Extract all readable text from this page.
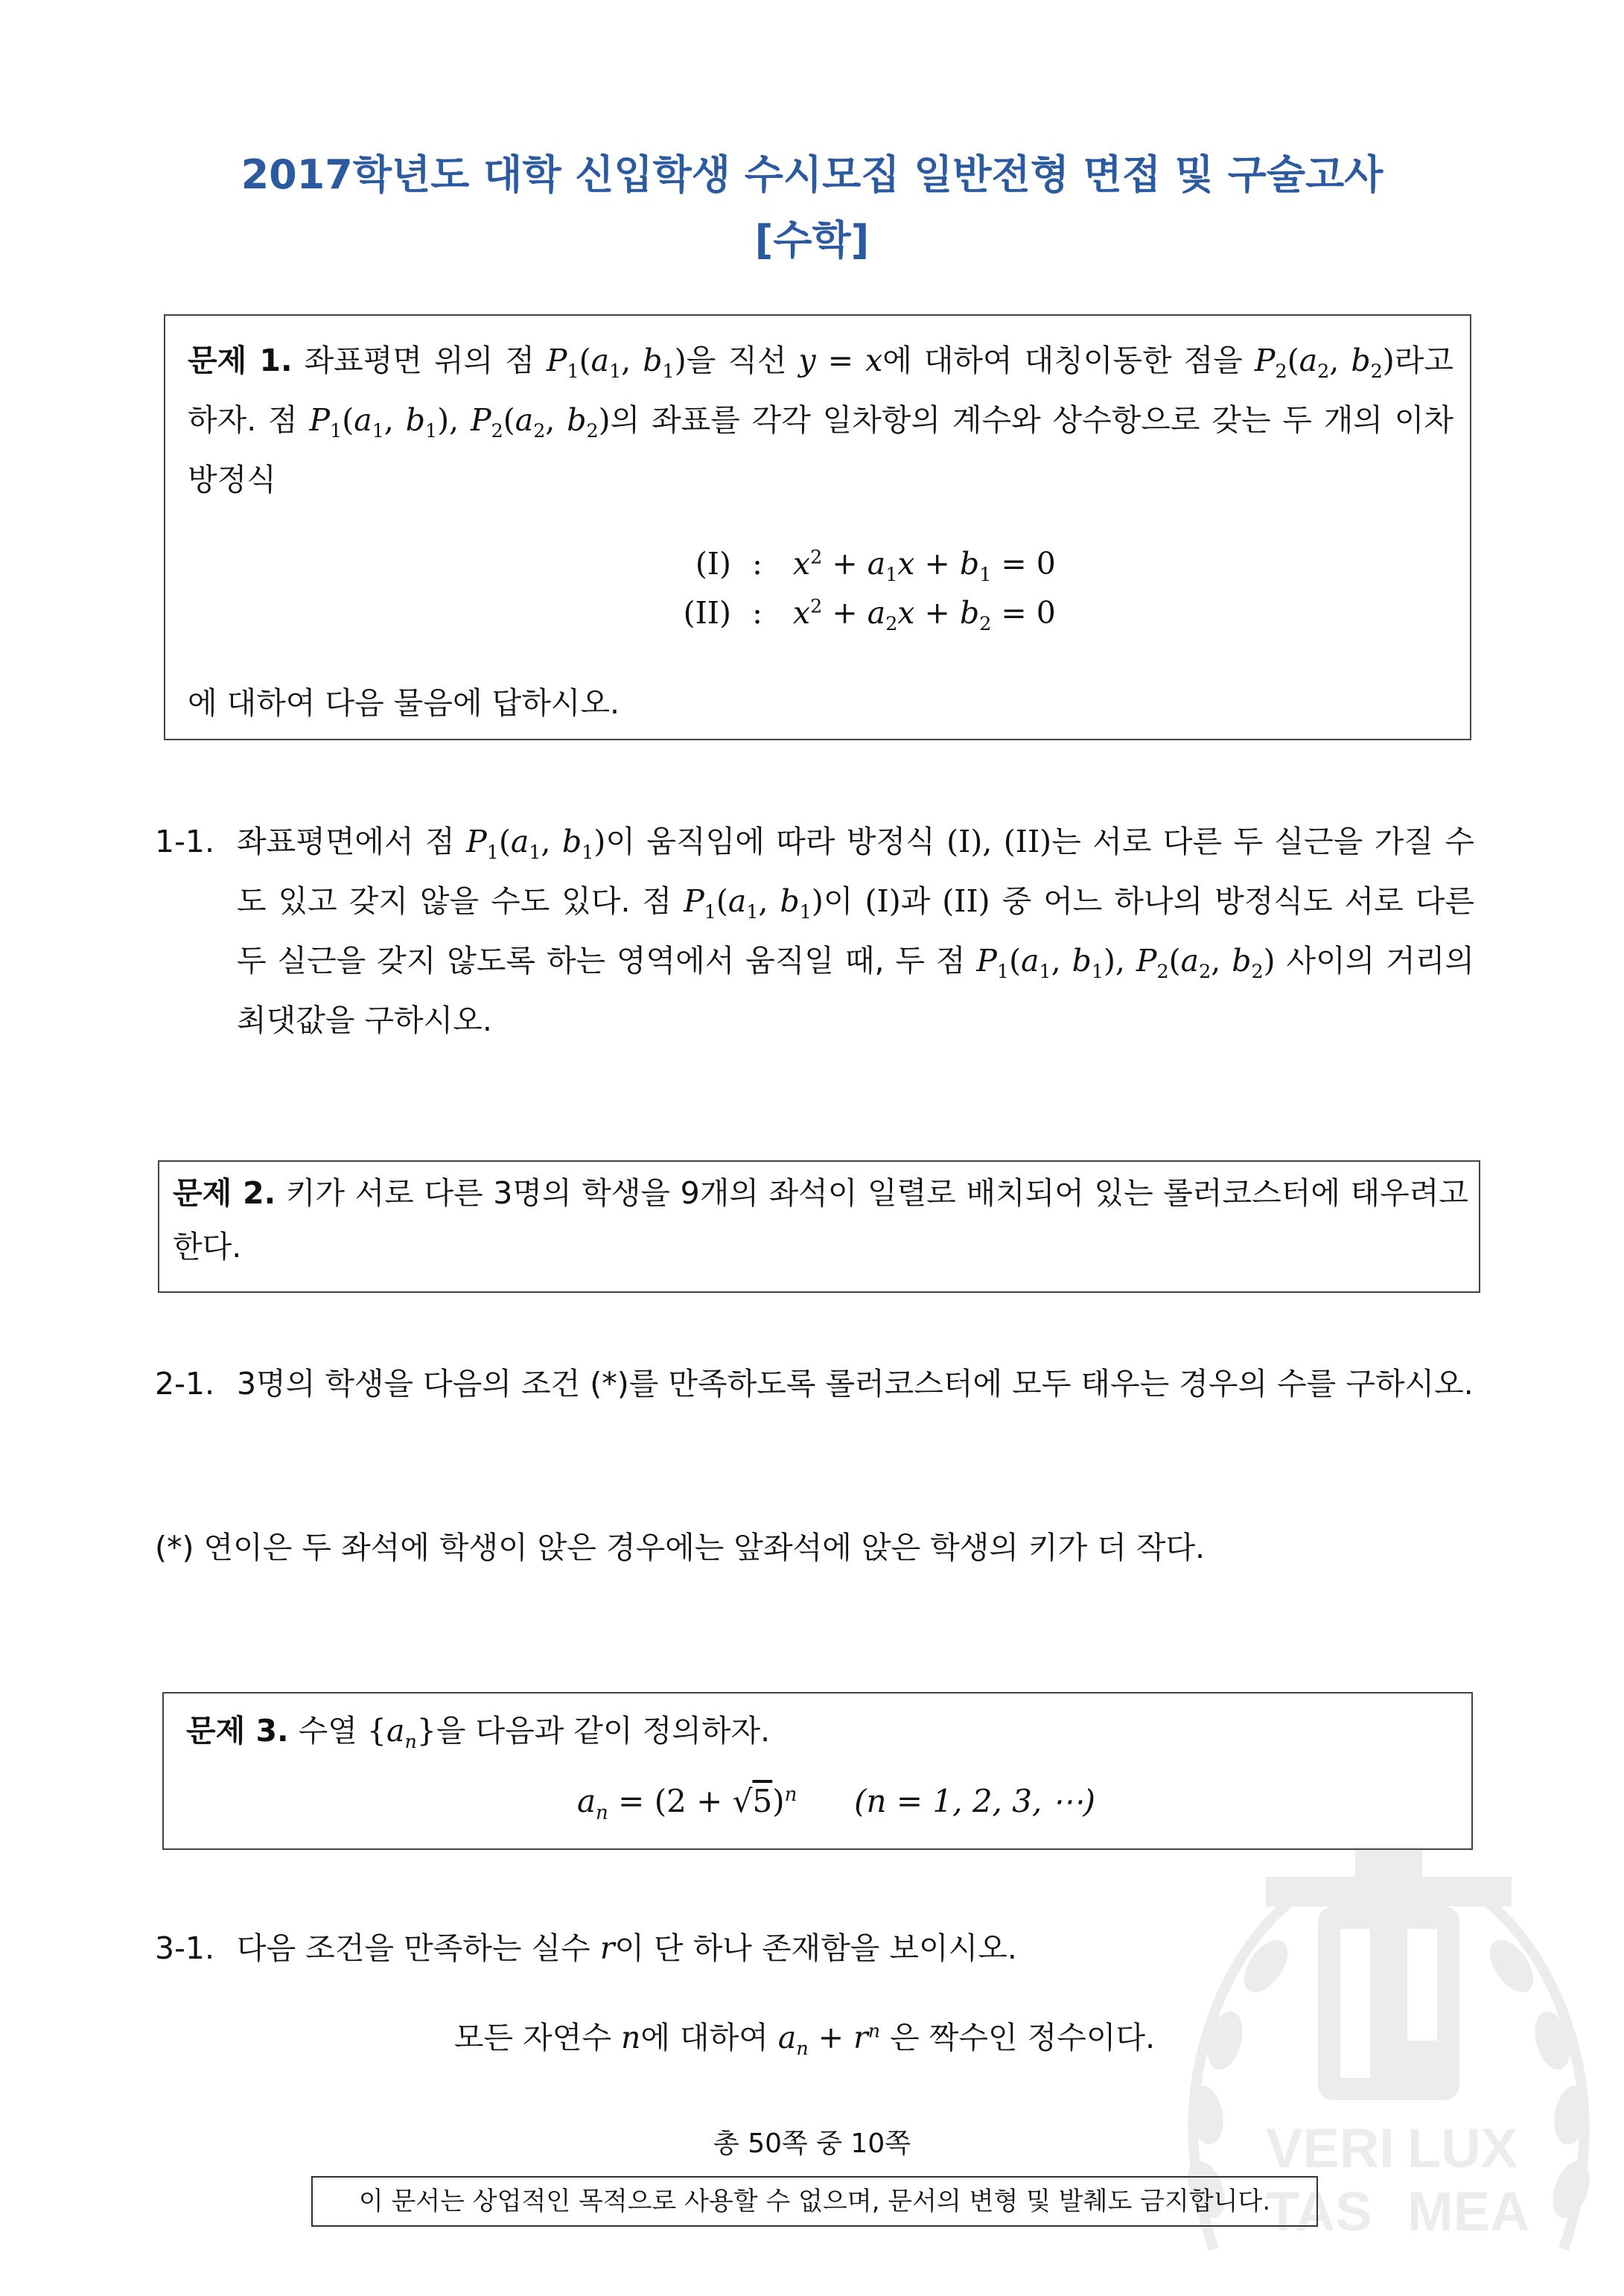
2017학년도 대학 신입학생 수시모집 일반전형 면접 및 구술고사
[수학]
문제 1. 좌표평면 위의 점 $P_1(a_1$, $b_1$)을 직선 y = x에 대하여 대칭이동한 점을 $P_2(a_2$, $b_2$)라고 하자. 점 $P_1(a_1$, $b_1$), $P_2(a_2$, $b_2$)의 좌표를 각각 일차항의 계수와 상수항으로 갖는 두 개의 이차방정식
(I) : $x^2 + a_1x + b_1 = 0$
(II) : $x^2 + a_2x + b_2 = 0$
에 대하여 다음 물음에 답하시오.
1-1. 좌표평면에서 점 $P_1(a_1$, $b_1$)이 움직임에 따라 방정식 (I), (II)는 서로 다른 두 실근을 가질 수도 있고 갖지 않을 수도 있다. 점 $P_1(a_1$, $b_1$)이 (I)과 (II) 중 어느 하나의 방정식도 서로 다른 두 실근을 갖지 않도록 하는 영역에서 움직일 때, 두 점 $P_1(a_1$, $b_1$), $P_2(a_2$, $b_2$) 사이의 거리의 최댓값을 구하시오.
문제 2. 키가 서로 다른 3명의 학생을 9개의 좌석이 일렬로 배치되어 있는 롤러코스터에 태우려고 한다.
2-1. 3명의 학생을 다음의 조건 (*)를 만족하도록 롤러코스터에 모두 태우는 경우의 수를 구하시오.
(*) 연이은 두 좌석에 학생이 앉은 경우에는 앞좌석에 앉은 학생의 키가 더 작다.
문제 3. 수열 $\{a_n\}$을 다음과 같이 정의하자.
$a_n = (2 + √5)^n$ (n = 1, 2, 3, ⋯)
3-1. 다음 조건을 만족하는 실수 r이 단 하나 존재함을 보이시오.
모든 자연수 n에 대하여 $a_n + r^n$ 은 짝수인 정수이다.
VERI LUX
TAS MEA
총 50쪽 중 10쪽
이 문서는 상업적인 목적으로 사용할 수 없으며, 문서의 변형 및 발췌도 금지합니다.
